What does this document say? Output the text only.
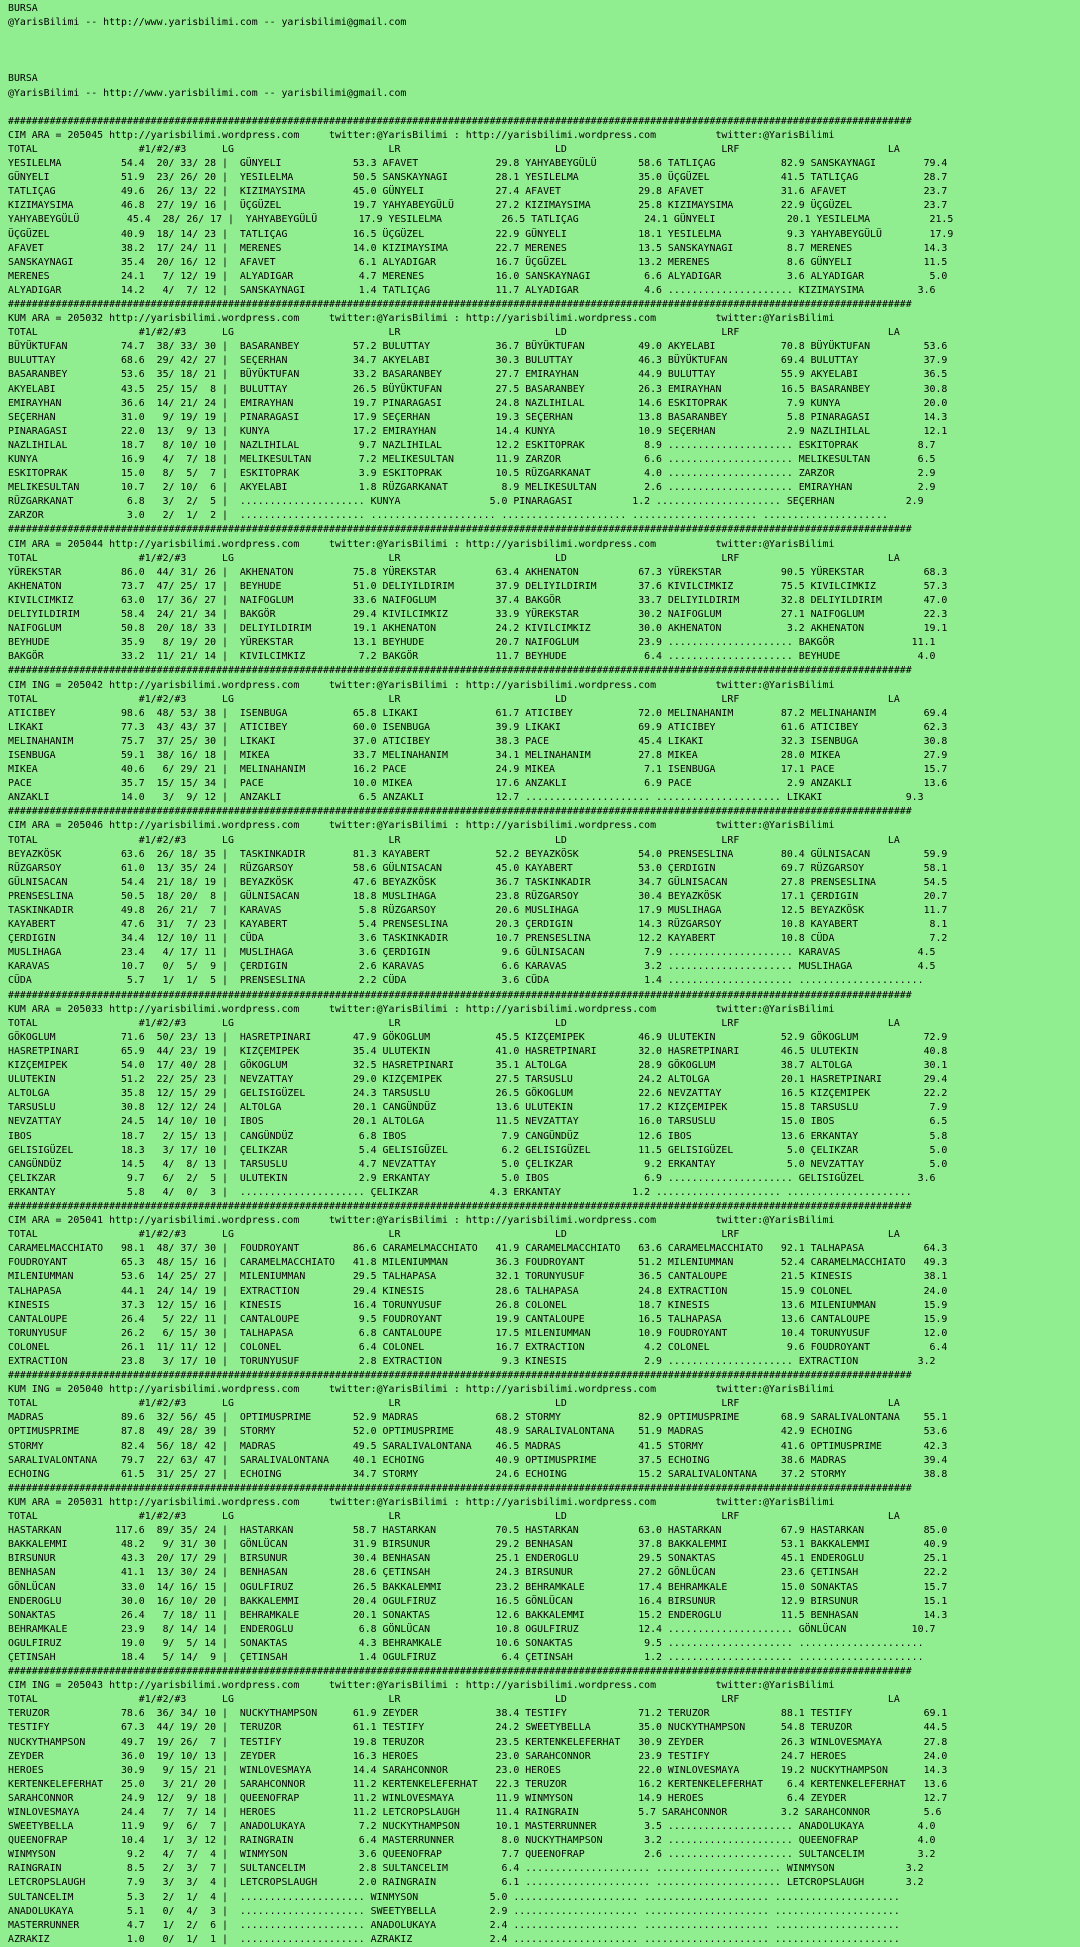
BURSA
@YarisBilimi -- http://www.yarisbilimi.com -- yarisbilimi@gmail.com

BURSA
@YarisBilimi -- http://www.yarisbilimi.com -- yarisbilimi@gmail.com

########################################################################################################################################################
CIM ARA = 205045 http://yarisbilimi.wordpress.com     twitter:@YarisBilimi : http://yarisbilimi.wordpress.com          twitter:@YarisBilimi
TOTAL                 #1/#2/#3      LG                          LR                          LD                          LRF                         LA
YESILELMA          54.4  20/ 33/ 28 |  GÜNYELI            53.3 AFAVET             29.8 YAHYABEYGÜLÜ       58.6 TATLIÇAG           82.9 SANSKAYNAGI        79.4
GÜNYELI            51.9  23/ 26/ 20 |  YESILELMA          50.5 SANSKAYNAGI        28.1 YESILELMA          35.0 ÜÇGÜZEL            41.5 TATLIÇAG           28.7
TATLIÇAG           49.6  26/ 13/ 22 |  KIZIMAYSIMA        45.0 GÜNYELI            27.4 AFAVET             29.8 AFAVET             31.6 AFAVET             23.7
KIZIMAYSIMA        46.8  27/ 19/ 16 |  ÜÇGÜZEL            19.7 YAHYABEYGÜLÜ       27.2 KIZIMAYSIMA        25.8 KIZIMAYSIMA        22.9 ÜÇGÜZEL            23.7
YAHYABEYGÜLÜ        45.4  28/ 26/ 17 |  YAHYABEYGÜLÜ       17.9 YESILELMA          26.5 TATLIÇAG           24.1 GÜNYELI            20.1 YESILELMA          21.5
ÜÇGÜZEL            40.9  18/ 14/ 23 |  TATLIÇAG           16.5 ÜÇGÜZEL            22.9 GÜNYELI            18.1 YESILELMA           9.3 YAHYABEYGÜLÜ        17.9
AFAVET             38.2  17/ 24/ 11 |  MERENES            14.0 KIZIMAYSIMA        22.7 MERENES            13.5 SANSKAYNAGI         8.7 MERENES            14.3
SANSKAYNAGI        35.4  20/ 16/ 12 |  AFAVET              6.1 ALYADIGAR          16.7 ÜÇGÜZEL            13.2 MERENES             8.6 GÜNYELI            11.5
MERENES            24.1   7/ 12/ 19 |  ALYADIGAR           4.7 MERENES            16.0 SANSKAYNAGI         6.6 ALYADIGAR           3.6 ALYADIGAR           5.0
ALYADIGAR          14.2   4/  7/ 12 |  SANSKAYNAGI         1.4 TATLIÇAG           11.7 ALYADIGAR           4.6 ..................... KIZIMAYSIMA         3.6
########################################################################################################################################################
KUM ARA = 205032 http://yarisbilimi.wordpress.com     twitter:@YarisBilimi : http://yarisbilimi.wordpress.com          twitter:@YarisBilimi
TOTAL                 #1/#2/#3      LG                          LR                          LD                          LRF                         LA
BÜYÜKTUFAN         74.7  38/ 33/ 30 |  BASARANBEY         57.2 BULUTTAY           36.7 BÜYÜKTUFAN         49.0 AKYELABI           70.8 BÜYÜKTUFAN         53.6
BULUTTAY           68.6  29/ 42/ 27 |  SEÇERHAN           34.7 AKYELABI           30.3 BULUTTAY           46.3 BÜYÜKTUFAN         69.4 BULUTTAY           37.9
BASARANBEY         53.6  35/ 18/ 21 |  BÜYÜKTUFAN         33.2 BASARANBEY         27.7 EMIRAYHAN          44.9 BULUTTAY           55.9 AKYELABI           36.5
AKYELABI           43.5  25/ 15/  8 |  BULUTTAY           26.5 BÜYÜKTUFAN         27.5 BASARANBEY         26.3 EMIRAYHAN          16.5 BASARANBEY         30.8
EMIRAYHAN          36.6  14/ 21/ 24 |  EMIRAYHAN          19.7 PINARAGASI         24.8 NAZLIHILAL         14.6 ESKITOPRAK          7.9 KUNYA              20.0
SEÇERHAN           31.0   9/ 19/ 19 |  PINARAGASI         17.9 SEÇERHAN           19.3 SEÇERHAN           13.8 BASARANBEY          5.8 PINARAGASI         14.3
PINARAGASI         22.0  13/  9/ 13 |  KUNYA              17.2 EMIRAYHAN          14.4 KUNYA              10.9 SEÇERHAN            2.9 NAZLIHILAL         12.1
NAZLIHILAL         18.7   8/ 10/ 10 |  NAZLIHILAL          9.7 NAZLIHILAL         12.2 ESKITOPRAK          8.9 ..................... ESKITOPRAK          8.7
KUNYA              16.9   4/  7/ 18 |  MELIKESULTAN        7.2 MELIKESULTAN       11.9 ZARZOR              6.6 ..................... MELIKESULTAN        6.5
ESKITOPRAK         15.0   8/  5/  7 |  ESKITOPRAK          3.9 ESKITOPRAK         10.5 RÜZGARKANAT         4.0 ..................... ZARZOR              2.9
MELIKESULTAN       10.7   2/ 10/  6 |  AKYELABI            1.8 RÜZGARKANAT         8.9 MELIKESULTAN        2.6 ..................... EMIRAYHAN           2.9
RÜZGARKANAT         6.8   3/  2/  5 |  ..................... KUNYA               5.0 PINARAGASI          1.2 ..................... SEÇERHAN            2.9
ZARZOR              3.0   2/  1/  2 |  ..................... ..................... ..................... ..................... .....................
########################################################################################################################################################
CIM ARA = 205044 http://yarisbilimi.wordpress.com     twitter:@YarisBilimi : http://yarisbilimi.wordpress.com          twitter:@YarisBilimi
TOTAL                 #1/#2/#3      LG                          LR                          LD                          LRF                         LA
YÜREKSTAR          86.0  44/ 31/ 26 |  AKHENATON          75.8 YÜREKSTAR          63.4 AKHENATON          67.3 YÜREKSTAR          90.5 YÜREKSTAR          68.3
AKHENATON          73.7  47/ 25/ 17 |  BEYHUDE            51.0 DELIYILDIRIM       37.9 DELIYILDIRIM       37.6 KIVILCIMKIZ        75.5 KIVILCIMKIZ        57.3
KIVILCIMKIZ        63.0  17/ 36/ 27 |  NAIFOGLUM          33.6 NAIFOGLUM          37.4 BAKGÖR             33.7 DELIYILDIRIM       32.8 DELIYILDIRIM       47.0
DELIYILDIRIM       58.4  24/ 21/ 34 |  BAKGÖR             29.4 KIVILCIMKIZ        33.9 YÜREKSTAR          30.2 NAIFOGLUM          27.1 NAIFOGLUM          22.3
NAIFOGLUM          50.8  20/ 18/ 33 |  DELIYILDIRIM       19.1 AKHENATON          24.2 KIVILCIMKIZ        30.0 AKHENATON           3.2 AKHENATON          19.1
BEYHUDE            35.9   8/ 19/ 20 |  YÜREKSTAR          13.1 BEYHUDE            20.7 NAIFOGLUM          23.9 ..................... BAKGÖR             11.1
BAKGÖR             33.2  11/ 21/ 14 |  KIVILCIMKIZ         7.2 BAKGÖR             11.7 BEYHUDE             6.4 ..................... BEYHUDE             4.0
########################################################################################################################################################
CIM ING = 205042 http://yarisbilimi.wordpress.com     twitter:@YarisBilimi : http://yarisbilimi.wordpress.com          twitter:@YarisBilimi
TOTAL                 #1/#2/#3      LG                          LR                          LD                          LRF                         LA
ATICIBEY           98.6  48/ 53/ 38 |  ISENBUGA           65.8 LIKAKI             61.7 ATICIBEY           72.0 MELINAHANIM        87.2 MELINAHANIM        69.4
LIKAKI             77.3  43/ 43/ 37 |  ATICIBEY           60.0 ISENBUGA           39.9 LIKAKI             69.9 ATICIBEY           61.6 ATICIBEY           62.3
MELINAHANIM        75.7  37/ 25/ 30 |  LIKAKI             37.0 ATICIBEY           38.3 PACE               45.4 LIKAKI             32.3 ISENBUGA           30.8
ISENBUGA           59.1  38/ 16/ 18 |  MIKEA              33.7 MELINAHANIM        34.1 MELINAHANIM        27.8 MIKEA              28.0 MIKEA              27.9
MIKEA              40.6   6/ 29/ 21 |  MELINAHANIM        16.2 PACE               24.9 MIKEA               7.1 ISENBUGA           17.1 PACE               15.7
PACE               35.7  15/ 15/ 34 |  PACE               10.0 MIKEA              17.6 ANZAKLI             6.9 PACE                2.9 ANZAKLI            13.6
ANZAKLI            14.0   3/  9/ 12 |  ANZAKLI             6.5 ANZAKLI            12.7 ..................... ..................... LIKAKI              9.3
########################################################################################################################################################
CIM ARA = 205046 http://yarisbilimi.wordpress.com     twitter:@YarisBilimi : http://yarisbilimi.wordpress.com          twitter:@YarisBilimi
TOTAL                 #1/#2/#3      LG                          LR                          LD                          LRF                         LA
BEYAZKÖSK          63.6  26/ 18/ 35 |  TASKINKADIR        81.3 KAYABERT           52.2 BEYAZKÖSK          54.0 PRENSESLINA        80.4 GÜLNISACAN         59.9
RÜZGARSOY          61.0  13/ 35/ 24 |  RÜZGARSOY          58.6 GÜLNISACAN         45.0 KAYABERT           53.0 ÇERDIGIN           69.7 RÜZGARSOY          58.1
GÜLNISACAN         54.4  21/ 18/ 19 |  BEYAZKÖSK          47.6 BEYAZKÖSK          36.7 TASKINKADIR        34.7 GÜLNISACAN         27.8 PRENSESLINA        54.5
PRENSESLINA        50.5  18/ 20/  8 |  GÜLNISACAN         18.8 MUSLIHAGA          23.8 RÜZGARSOY          30.4 BEYAZKÖSK          17.1 ÇERDIGIN           20.7
TASKINKADIR        49.8  26/ 21/  7 |  KARAVAS             5.8 RÜZGARSOY          20.6 MUSLIHAGA          17.9 MUSLIHAGA          12.5 BEYAZKÖSK          11.7
KAYABERT           47.6  31/  7/ 23 |  KAYABERT            5.4 PRENSESLINA        20.3 ÇERDIGIN           14.3 RÜZGARSOY          10.8 KAYABERT            8.1
ÇERDIGIN           34.4  12/ 10/ 11 |  CÜDA                3.6 TASKINKADIR        10.7 PRENSESLINA        12.2 KAYABERT           10.8 CÜDA                7.2
MUSLIHAGA          23.4   4/ 17/ 11 |  MUSLIHAGA           3.6 ÇERDIGIN            9.6 GÜLNISACAN          7.9 ..................... KARAVAS             4.5
KARAVAS            10.7   0/  5/  9 |  ÇERDIGIN            2.6 KARAVAS             6.6 KARAVAS             3.2 ..................... MUSLIHAGA           4.5
CÜDA                5.7   1/  1/  5 |  PRENSESLINA         2.2 CÜDA                3.6 CÜDA                1.4 ..................... .....................
########################################################################################################################################################
KUM ARA = 205033 http://yarisbilimi.wordpress.com     twitter:@YarisBilimi : http://yarisbilimi.wordpress.com          twitter:@YarisBilimi
TOTAL                 #1/#2/#3      LG                          LR                          LD                          LRF                         LA
GÖKOGLUM           71.6  50/ 23/ 13 |  HASRETPINARI       47.9 GÖKOGLUM           45.5 KIZÇEMIPEK         46.9 ULUTEKIN           52.9 GÖKOGLUM           72.9
HASRETPINARI       65.9  44/ 23/ 19 |  KIZÇEMIPEK         35.4 ULUTEKIN           41.0 HASRETPINARI       32.0 HASRETPINARI       46.5 ULUTEKIN           40.8
KIZÇEMIPEK         54.0  17/ 40/ 28 |  GÖKOGLUM           32.5 HASRETPINARI       35.1 ALTOLGA            28.9 GÖKOGLUM           38.7 ALTOLGA            30.1
ULUTEKIN           51.2  22/ 25/ 23 |  NEVZATTAY          29.0 KIZÇEMIPEK         27.5 TARSUSLU           24.2 ALTOLGA            20.1 HASRETPINARI       29.4
ALTOLGA            35.8  12/ 15/ 29 |  GELISIGÜZEL        24.3 TARSUSLU           26.5 GÖKOGLUM           22.6 NEVZATTAY          16.5 KIZÇEMIPEK         22.2
TARSUSLU           30.8  12/ 12/ 24 |  ALTOLGA            20.1 CANGÜNDÜZ          13.6 ULUTEKIN           17.2 KIZÇEMIPEK         15.8 TARSUSLU            7.9
NEVZATTAY          24.5  14/ 10/ 10 |  IBOS               20.1 ALTOLGA            11.5 NEVZATTAY          16.0 TARSUSLU           15.0 IBOS                6.5
IBOS               18.7   2/ 15/ 13 |  CANGÜNDÜZ           6.8 IBOS                7.9 CANGÜNDÜZ          12.6 IBOS               13.6 ERKANTAY            5.8
GELISIGÜZEL        18.3   3/ 17/ 10 |  ÇELIKZAR            5.4 GELISIGÜZEL         6.2 GELISIGÜZEL        11.5 GELISIGÜZEL         5.0 ÇELIKZAR            5.0
CANGÜNDÜZ          14.5   4/  8/ 13 |  TARSUSLU            4.7 NEVZATTAY           5.0 ÇELIKZAR            9.2 ERKANTAY            5.0 NEVZATTAY           5.0
ÇELIKZAR            9.7   6/  2/  5 |  ULUTEKIN            2.9 ERKANTAY            5.0 IBOS                6.9 ..................... GELISIGÜZEL         3.6
ERKANTAY            5.8   4/  0/  3 |  ..................... ÇELIKZAR            4.3 ERKANTAY            1.2 ..................... .....................
########################################################################################################################################################
CIM ARA = 205041 http://yarisbilimi.wordpress.com     twitter:@YarisBilimi : http://yarisbilimi.wordpress.com          twitter:@YarisBilimi
TOTAL                 #1/#2/#3      LG                          LR                          LD                          LRF                         LA
CARAMELMACCHIATO   98.1  48/ 37/ 30 |  FOUDROYANT         86.6 CARAMELMACCHIATO   41.9 CARAMELMACCHIATO   63.6 CARAMELMACCHIATO   92.1 TALHAPASA          64.3
FOUDROYANT         65.3  48/ 15/ 16 |  CARAMELMACCHIATO   41.8 MILENIUMMAN        36.3 FOUDROYANT         51.2 MILENIUMMAN        52.4 CARAMELMACCHIATO   49.3
MILENIUMMAN        53.6  14/ 25/ 27 |  MILENIUMMAN        29.5 TALHAPASA          32.1 TORUNYUSUF         36.5 CANTALOUPE         21.5 KINESIS            38.1
TALHAPASA          44.1  24/ 14/ 19 |  EXTRACTION         29.4 KINESIS            28.6 TALHAPASA          24.8 EXTRACTION         15.9 COLONEL            24.0
KINESIS            37.3  12/ 15/ 16 |  KINESIS            16.4 TORUNYUSUF         26.8 COLONEL            18.7 KINESIS            13.6 MILENIUMMAN        15.9
CANTALOUPE         26.4   5/ 22/ 11 |  CANTALOUPE          9.5 FOUDROYANT         19.9 CANTALOUPE         16.5 TALHAPASA          13.6 CANTALOUPE         15.9
TORUNYUSUF         26.2   6/ 15/ 30 |  TALHAPASA           6.8 CANTALOUPE         17.5 MILENIUMMAN        10.9 FOUDROYANT         10.4 TORUNYUSUF         12.0
COLONEL            26.1  11/ 11/ 12 |  COLONEL             6.4 COLONEL            16.7 EXTRACTION          4.2 COLONEL             9.6 FOUDROYANT          6.4
EXTRACTION         23.8   3/ 17/ 10 |  TORUNYUSUF          2.8 EXTRACTION          9.3 KINESIS             2.9 ..................... EXTRACTION          3.2
########################################################################################################################################################
KUM ING = 205040 http://yarisbilimi.wordpress.com     twitter:@YarisBilimi : http://yarisbilimi.wordpress.com          twitter:@YarisBilimi
TOTAL                 #1/#2/#3      LG                          LR                          LD                          LRF                         LA
MADRAS             89.6  32/ 56/ 45 |  OPTIMUSPRIME       52.9 MADRAS             68.2 STORMY             82.9 OPTIMUSPRIME       68.9 SARALIVALONTANA    55.1
OPTIMUSPRIME       87.8  49/ 28/ 39 |  STORMY             52.0 OPTIMUSPRIME       48.9 SARALIVALONTANA    51.9 MADRAS             42.9 ECHOING            53.6
STORMY             82.4  56/ 18/ 42 |  MADRAS             49.5 SARALIVALONTANA    46.5 MADRAS             41.5 STORMY             41.6 OPTIMUSPRIME       42.3
SARALIVALONTANA    79.7  22/ 63/ 47 |  SARALIVALONTANA    40.1 ECHOING            40.9 OPTIMUSPRIME       37.5 ECHOING            38.6 MADRAS             39.4
ECHOING            61.5  31/ 25/ 27 |  ECHOING            34.7 STORMY             24.6 ECHOING            15.2 SARALIVALONTANA    37.2 STORMY             38.8
########################################################################################################################################################
KUM ARA = 205031 http://yarisbilimi.wordpress.com     twitter:@YarisBilimi : http://yarisbilimi.wordpress.com          twitter:@YarisBilimi
TOTAL                 #1/#2/#3      LG                          LR                          LD                          LRF                         LA
HASTARKAN         117.6  89/ 35/ 24 |  HASTARKAN          58.7 HASTARKAN          70.5 HASTARKAN          63.0 HASTARKAN          67.9 HASTARKAN          85.0
BAKKALEMMI         48.2   9/ 31/ 30 |  GÖNLÜCAN           31.9 BIRSUNUR           29.2 BENHASAN           37.8 BAKKALEMMI         53.1 BAKKALEMMI         40.9
BIRSUNUR           43.3  20/ 17/ 29 |  BIRSUNUR           30.4 BENHASAN           25.1 ENDEROGLU          29.5 SONAKTAS           45.1 ENDEROGLU          25.1
BENHASAN           41.1  13/ 30/ 24 |  BENHASAN           28.6 ÇETINSAH           24.3 BIRSUNUR           27.2 GÖNLÜCAN           23.6 ÇETINSAH           22.2
GÖNLÜCAN           33.0  14/ 16/ 15 |  OGULFIRUZ          26.5 BAKKALEMMI         23.2 BEHRAMKALE         17.4 BEHRAMKALE         15.0 SONAKTAS           15.7
ENDEROGLU          30.0  16/ 10/ 20 |  BAKKALEMMI         20.4 OGULFIRUZ          16.5 GÖNLÜCAN           16.4 BIRSUNUR           12.9 BIRSUNUR           15.1
SONAKTAS           26.4   7/ 18/ 11 |  BEHRAMKALE         20.1 SONAKTAS           12.6 BAKKALEMMI         15.2 ENDEROGLU          11.5 BENHASAN           14.3
BEHRAMKALE         23.9   8/ 14/ 14 |  ENDEROGLU           6.8 GÖNLÜCAN           10.8 OGULFIRUZ          12.4 ..................... GÖNLÜCAN           10.7
OGULFIRUZ          19.0   9/  5/ 14 |  SONAKTAS            4.3 BEHRAMKALE         10.6 SONAKTAS            9.5 ..................... .....................
ÇETINSAH           18.4   5/ 14/  9 |  ÇETINSAH            1.4 OGULFIRUZ           6.4 ÇETINSAH            1.2 ..................... .....................
########################################################################################################################################################
CIM ING = 205043 http://yarisbilimi.wordpress.com     twitter:@YarisBilimi : http://yarisbilimi.wordpress.com          twitter:@YarisBilimi
TOTAL                 #1/#2/#3      LG                          LR                          LD                          LRF                         LA
TERUZOR            78.6  36/ 34/ 10 |  NUCKYTHAMPSON      61.9 ZEYDER             38.4 TESTIFY            71.2 TERUZOR            88.1 TESTIFY            69.1
TESTIFY            67.3  44/ 19/ 20 |  TERUZOR            61.1 TESTIFY            24.2 SWEETYBELLA        35.0 NUCKYTHAMPSON      54.8 TERUZOR            44.5
NUCKYTHAMPSON      49.7  19/ 26/  7 |  TESTIFY            19.8 TERUZOR            23.5 KERTENKELEFERHAT   30.9 ZEYDER             26.3 WINLOVESMAYA       27.8
ZEYDER             36.0  19/ 10/ 13 |  ZEYDER             16.3 HEROES             23.0 SARAHCONNOR        23.9 TESTIFY            24.7 HEROES             24.0
HEROES             30.9   9/ 15/ 21 |  WINLOVESMAYA       14.4 SARAHCONNOR        23.0 HEROES             22.0 WINLOVESMAYA       19.2 NUCKYTHAMPSON      14.3
KERTENKELEFERHAT   25.0   3/ 21/ 20 |  SARAHCONNOR        11.2 KERTENKELEFERHAT   22.3 TERUZOR            16.2 KERTENKELEFERHAT    6.4 KERTENKELEFERHAT   13.6
SARAHCONNOR        24.9  12/  9/ 18 |  QUEENOFRAP         11.2 WINLOVESMAYA       11.9 WINMYSON           14.9 HEROES              6.4 ZEYDER             12.7
WINLOVESMAYA       24.4   7/  7/ 14 |  HEROES             11.2 LETCROPSLAUGH      11.4 RAINGRAIN          5.7 SARAHCONNOR         3.2 SARAHCONNOR         5.6
SWEETYBELLA        11.9   9/  6/  7 |  ANADOLUKAYA         7.2 NUCKYTHAMPSON      10.1 MASTERRUNNER        3.5 ..................... ANADOLUKAYA         4.0
QUEENOFRAP         10.4   1/  3/ 12 |  RAINGRAIN           6.4 MASTERRUNNER        8.0 NUCKYTHAMPSON       3.2 ..................... QUEENOFRAP          4.0
WINMYSON            9.2   4/  7/  4 |  WINMYSON            3.6 QUEENOFRAP          7.7 QUEENOFRAP          2.6 ..................... SULTANCELIM         3.2
RAINGRAIN           8.5   2/  3/  7 |  SULTANCELIM         2.8 SULTANCELIM         6.4 ..................... ..................... WINMYSON            3.2
LETCROPSLAUGH       7.9   3/  3/  4 |  LETCROPSLAUGH       2.0 RAINGRAIN           6.1 ..................... ..................... LETCROPSLAUGH       3.2
SULTANCELIM         5.3   2/  1/  4 |  ..................... WINMYSON            5.0 ..................... ..................... .....................
ANADOLUKAYA         5.1   0/  4/  3 |  ..................... SWEETYBELLA         2.9 ..................... ..................... .....................
MASTERRUNNER        4.7   1/  2/  6 |  ..................... ANADOLUKAYA         2.4 ..................... ..................... .....................
AZRAKIZ             1.0   0/  1/  1 |  ..................... AZRAKIZ             2.4 ..................... ..................... .....................
